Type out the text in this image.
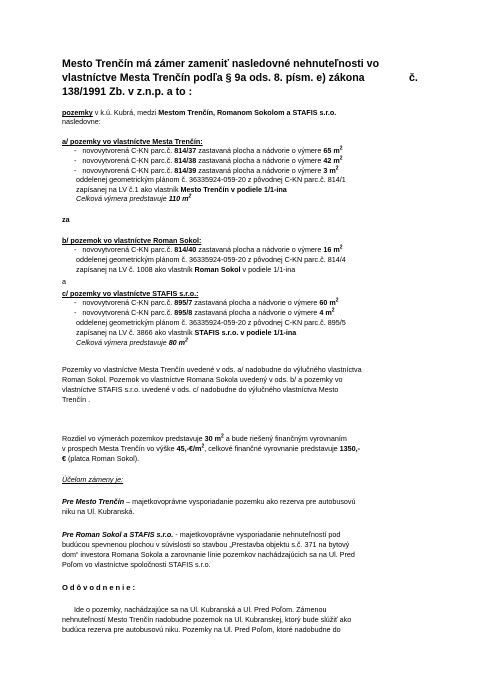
Mesto Trenčín má zámer zameniť nasledovné nehnuteľnosti vo
vlastníctve Mesta Trenčín podľa § 9a ods. 8. písm. e) zákona	č.
138/1991 Zb. v z.n.p. a to :
pozemky v k.ú. Kubrá, medzi Mestom Trenčín, Romanom Sokolom a STAFIS s.r.o.
nasledovne:
a/ pozemky vo vlastníctve Mesta Trenčín:
-   novovytvorená C-KN parc.č. 814/37 zastavaná plocha a nádvorie o výmere 65 $m^2$
-   novovytvorená C-KN parc.č. 814/38 zastavaná plocha a nádvorie o výmere 42 $m^2$
-   novovytvorená C-KN parc.č. 814/39 zastavaná plocha a nádvorie o výmere 3 $m^2$
oddelenej geometrickým plánom č. 36335924-059-20 z pôvodnej C-KN parc.č. 814/1
zapísanej na LV č.1 ako vlastník Mesto Trenčín v podiele 1/1-ina
Celková výmera predstavuje 110 $m^2$
za
b/ pozemok vo vlastníctve Roman Sokol:
-   novovytvorená C-KN parc.č. 814/40 zastavaná plocha a nádvorie o výmere 16 $m^2$
oddelenej geometrickým plánom č. 36335924-059-20 z pôvodnej C-KN parc.č. 814/4
zapísanej na LV č. 1008 ako vlastník Roman Sokol v podiele 1/1-ina
a
c/ pozemky vo vlastníctve STAFIS s.r.o.:
-   novovytvorená C-KN parc.č. 895/7 zastavaná plocha a nádvorie o výmere 60 $m^2$
-   novovytvorená C-KN parc.č. 895/8 zastavaná plocha a nádvorie o výmere 4 $m^2$
oddelenej geometrickým plánom č. 36335924-059-20 z pôvodnej C-KN parc.č. 895/5
zapísanej na LV č. 3866 ako vlastník STAFIS s.r.o. v podiele 1/1-ina
Celková výmera predstavuje 80 $m^2$
Pozemky vo vlastníctve Mesta Trenčín uvedené v ods. a/ nadobudne do výlučného vlastníctva
Roman Sokol. Pozemok vo vlastníctve Romana Sokola uvedený v ods. b/ a pozemky vo
vlastníctve STAFIS s.r.o. uvedené v ods. c/ nadobudne do výlučného vlastníctva Mesto
Trenčín .
Rozdiel vo výmerách pozemkov predstavuje 30 $m^2$ a bude riešený finančným vyrovnaním
v prospech Mesta Trenčín vo výške $45,-€/m^2$, celkové finančné vyrovnanie predstavuje 1350,-
€ (platca Roman Sokol).
Účelom zámeny je:
Pre Mesto Trenčín – majetkovoprávne vysporiadanie pozemku ako rezerva pre autobusovú
niku na Ul. Kubranská.
Pre Roman Sokol a STAFIS s.r.o. - majetkovoprávne vysporiadanie nehnuteľností pod
budúcou spevnenou plochou v súvislosti so stavbou „Prestavba objektu s.č. 371 na bytový
dom“ investora Romana Sokola a zarovnanie línie pozemkov nachádzajúcich sa na Ul. Pred
Poľom vo vlastníctve spoločnosti STAFIS s.r.o.
Odôvodnenie:
Ide o pozemky, nachádzajúce sa na Ul. Kubranská a Ul. Pred Poľom. Zámenou
nehnuteľností Mesto Trenčín nadobudne pozemok na Ul. Kubranskej, ktorý bude slúžiť ako
budúca rezerva pre autobusovú niku. Pozemky na Ul. Pred Poľom, ktoré nadobudne do
